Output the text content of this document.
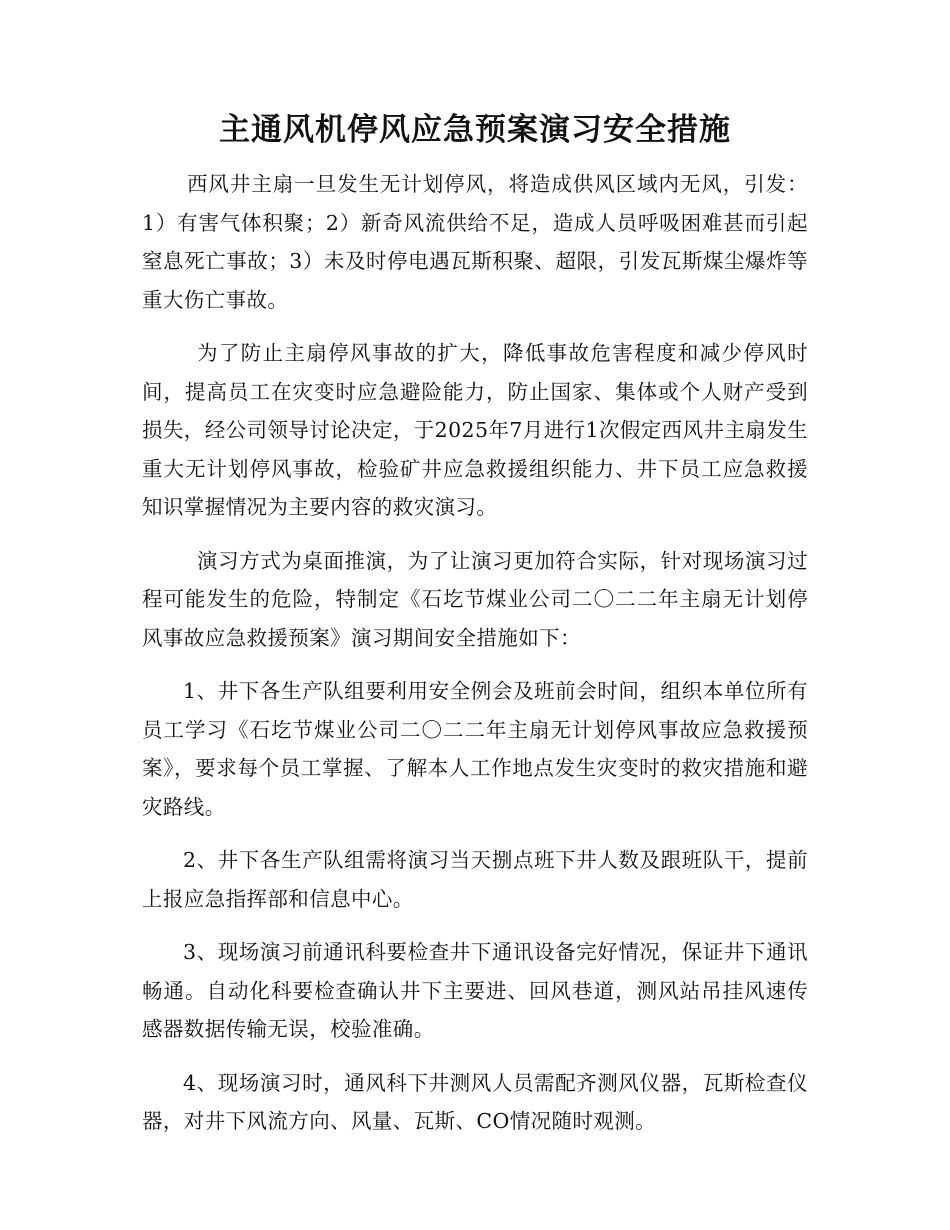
主通风机停风应急预案演习安全措施

西风井主扇一旦发生无计划停风，将造成供风区域内无风，引发：1）有害气体积聚；2）新奇风流供给不足，造成人员呼吸困难甚而引起窒息死亡事故；3）未及时停电遇瓦斯积聚、超限，引发瓦斯煤尘爆炸等重大伤亡事故。

为了防止主扇停风事故的扩大，降低事故危害程度和减少停风时间，提高员工在灾变时应急避险能力，防止国家、集体或个人财产受到损失，经公司领导讨论决定，于2025年7月进行1次假定西风井主扇发生重大无计划停风事故，检验矿井应急救援组织能力、井下员工应急救援知识掌握情况为主要内容的救灾演习。

演习方式为桌面推演，为了让演习更加符合实际，针对现场演习过程可能发生的危险，特制定《石圪节煤业公司二〇二二年主扇无计划停风事故应急救援预案》演习期间安全措施如下：

1、井下各生产队组要利用安全例会及班前会时间，组织本单位所有员工学习《石圪节煤业公司二〇二二年主扇无计划停风事故应急救援预案》，要求每个员工掌握、了解本人工作地点发生灾变时的救灾措施和避灾路线。

2、井下各生产队组需将演习当天捌点班下井人数及跟班队干，提前上报应急指挥部和信息中心。

3、现场演习前通讯科要检查井下通讯设备完好情况，保证井下通讯畅通。自动化科要检查确认井下主要进、回风巷道，测风站吊挂风速传感器数据传输无误，校验准确。

4、现场演习时，通风科下井测风人员需配齐测风仪器，瓦斯检查仪器，对井下风流方向、风量、瓦斯、CO情况随时观测。
